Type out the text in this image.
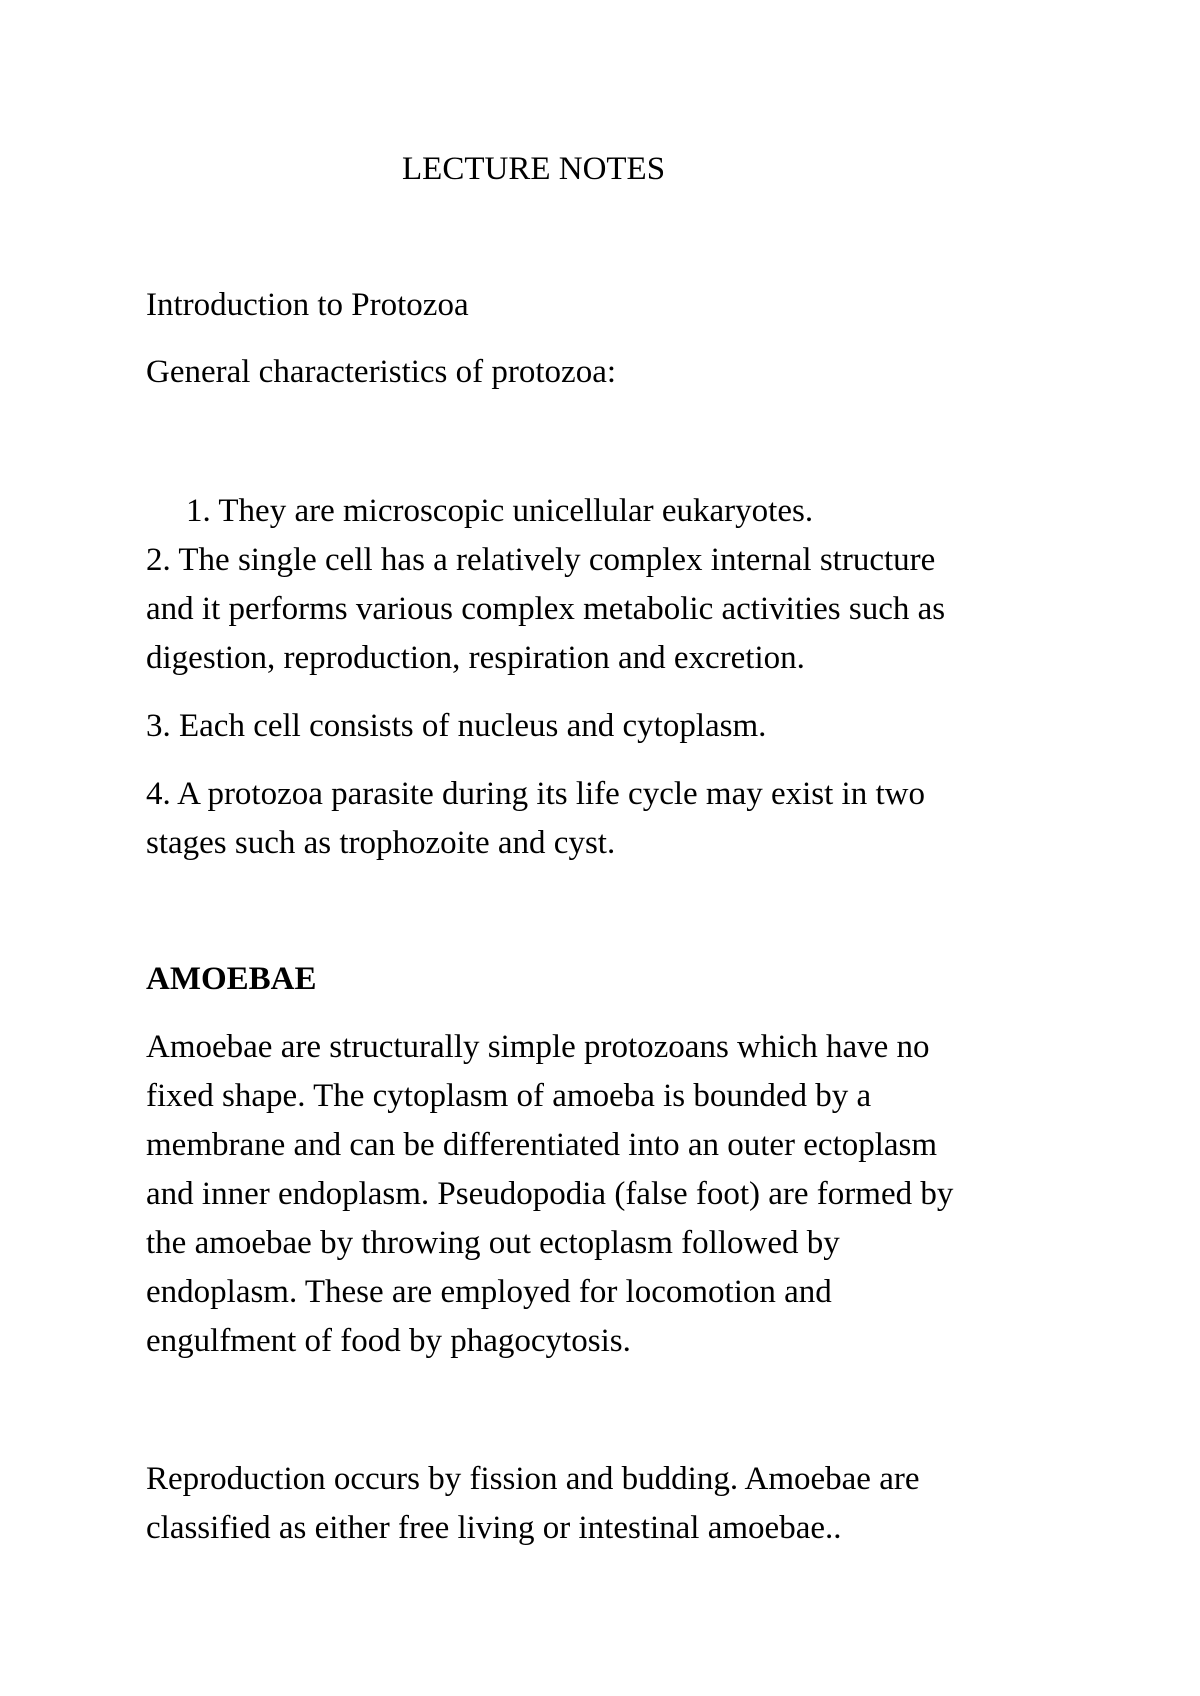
LECTURE NOTES

Introduction to Protozoa

General characteristics of protozoa:

1. They are microscopic unicellular eukaryotes.

2. The single cell has a relatively complex internal structure

and it performs various complex metabolic activities such as

digestion, reproduction, respiration and excretion.

3. Each cell consists of nucleus and cytoplasm.

4. A protozoa parasite during its life cycle may exist in two

stages such as trophozoite and cyst.

AMOEBAE

Amoebae are structurally simple protozoans which have no

fixed shape. The cytoplasm of amoeba is bounded by a

membrane and can be differentiated into an outer ectoplasm

and inner endoplasm. Pseudopodia (false foot) are formed by

the amoebae by throwing out ectoplasm followed by

endoplasm. These are employed for locomotion and

engulfment of food by phagocytosis.

Reproduction occurs by fission and budding. Amoebae are

classified as either free living or intestinal amoebae..
